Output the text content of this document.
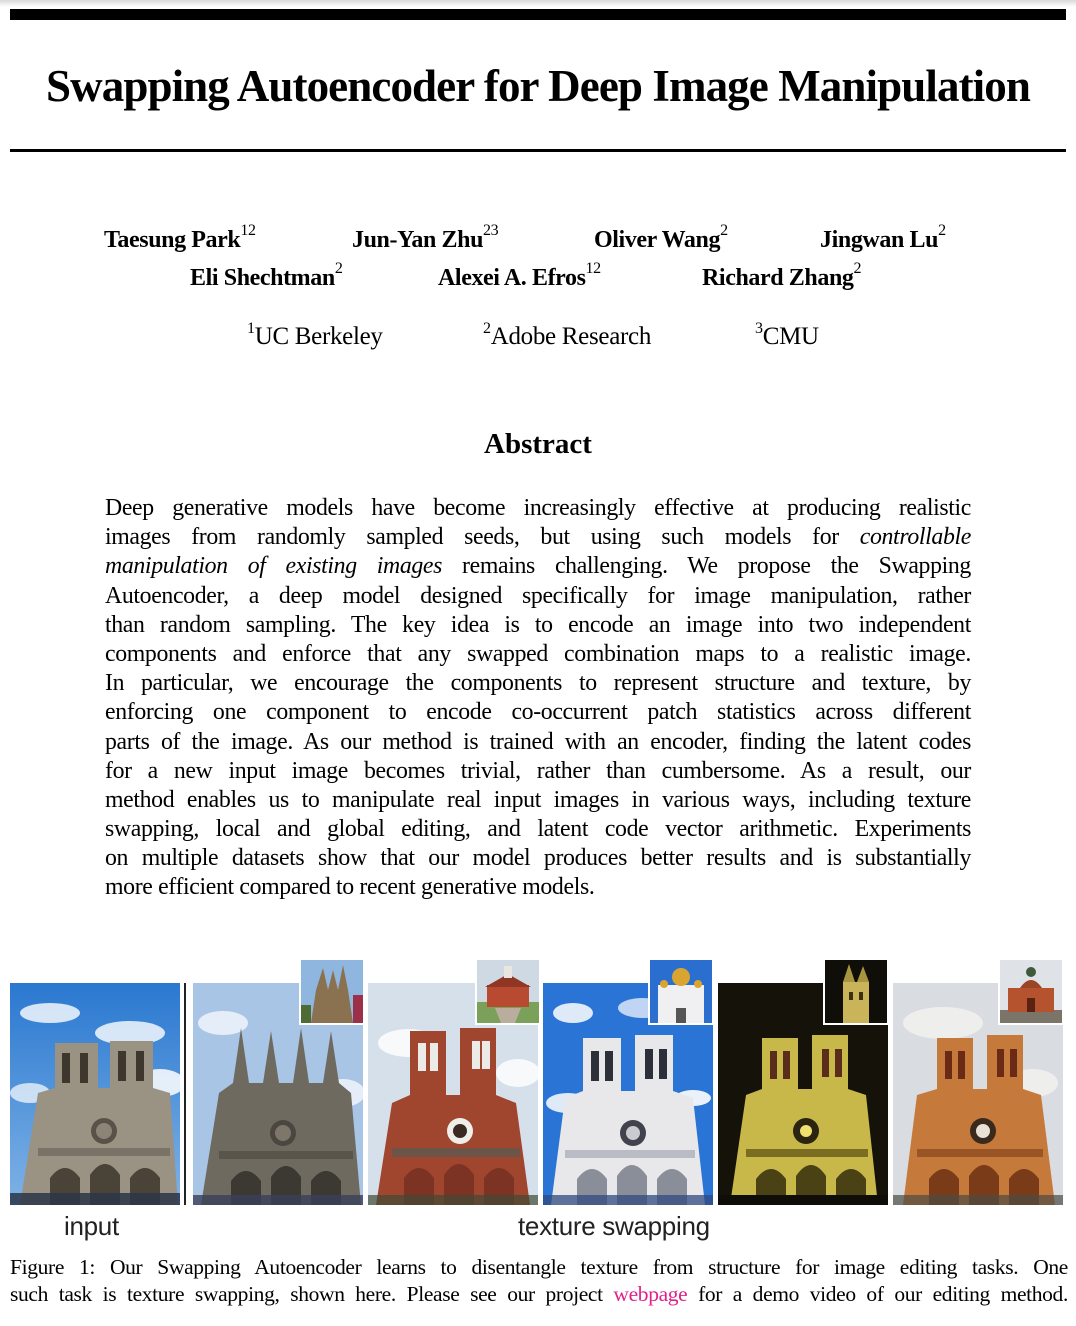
Swapping Autoencoder for Deep Image Manipulation
Taesung Park$^{12}$	Jun-Yan Zhu$^{23}$	Oliver Wang$^2$	Jingwan Lu$^2$
Eli Shechtman$^2$	Alexei A. Efros$^{12}$	Richard Zhang$^2$
$^1$UC Berkeley	$^2$Adobe Research	$^3$CMU
Abstract
Deep generative models have become increasingly effective at producing realistic
images from randomly sampled seeds, but using such models for controllable
manipulation of existing images remains challenging. We propose the Swapping
Autoencoder, a deep model designed specifically for image manipulation, rather
than random sampling. The key idea is to encode an image into two independent
components and enforce that any swapped combination maps to a realistic image.
In particular, we encourage the components to represent structure and texture, by
enforcing one component to encode co-occurrent patch statistics across different
parts of the image. As our method is trained with an encoder, finding the latent codes
for a new input image becomes trivial, rather than cumbersome. As a result, our
method enables us to manipulate real input images in various ways, including texture
swapping, local and global editing, and latent code vector arithmetic. Experiments
on multiple datasets show that our model produces better results and is substantially
more efficient compared to recent generative models.
input	texture swapping
Figure 1: Our Swapping Autoencoder learns to disentangle texture from structure for image editing tasks. One
such task is texture swapping, shown here. Please see our project webpage for a demo video of our editing method.
